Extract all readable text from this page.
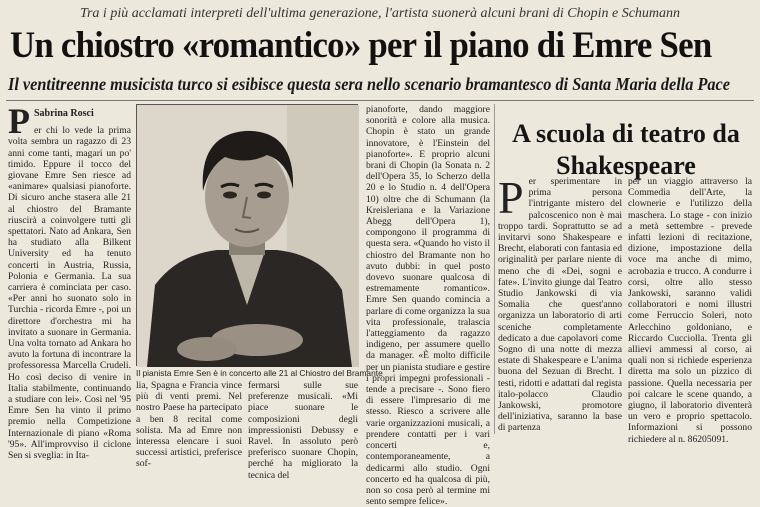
Tra i più acclamati interpreti dell'ultima generazione, l'artista suonerà alcuni brani di Chopin e Schumann
Un chiostro «romantico» per il piano di Emre Sen
Il ventitreenne musicista turco si esibisce questa sera nello scenario bramantesco di Santa Maria della Pace
P Sabrina Rosci

er chi lo vede la prima volta sembra un ragazzo di 23 anni come tanti, magari un po' timido. Eppure il tocco del giovane Emre Sen riesce ad «animare» qualsiasi pianoforte. Di sicuro anche stasera alle 21 al chiostro del Bramante riuscirà a coinvolgere tutti gli spettatori. Nato ad Ankara, Sen ha studiato alla Bilkent University ed ha tenuto concerti in Austria, Russia, Polonia e Germania. La sua carriera è cominciata per caso. «Per anni ho suonato solo in Turchia - ricorda Emre -, poi un direttore d'orchestra mi ha invitato a suonare in Germania. Una volta tornato ad Ankara ho avuto la fortuna di incontrare la professoressa Marcella Crudeli. Ho così deciso di venire in Italia stabilmente, continuando a studiare con lei». Così nel '95 Emre Sen ha vinto il primo premio nella Competizione Internazionale di piano «Roma '95». All'improvviso il ciclone Sen si sveglia: in Ita-

Il pianista Emre Sen è in concerto alle 21 al Chiostro del Bramante

lia, Spagna e Francia vince più di venti premi. Nel nostro Paese ha partecipato a ben 8 recital come solista. Ma ad Emre non interessa elencare i suoi successi artistici, preferisce sof-

fermarsi sulle sue preferenze musicali. «Mi piace suonare le composizioni degli impressionisti Debussy e Ravel. In assoluto però preferisco suonare Chopin, perché ha migliorato la tecnica del

pianoforte, dando maggiore sonorità e colore alla musica. Chopin è stato un grande innovatore, è l'Einstein del pianoforte». E proprio alcuni brani di Chopin (la Sonata n. 2 dell'Opera 35, lo Scherzo della 20 e lo Studio n. 4 dell'Opera 10) oltre che di Schumann (la Kreisleriana e la Variazione Abegg dell'Opera 1), compongono il programma di questa sera. «Quando ho visto il chiostro del Bramante non ho avuto dubbi: in quel posto dovevo suonare qualcosa di estremamente romantico». Emre Sen quando comincia a parlare di come organizza la sua vita professionale, tralascia l'atteggiamento da ragazzo indigeno, per assumere quello da manager. «È molto difficile per un pianista studiare e gestire i propri impegni professionali - tende a precisare -. Sono fiero di essere l'impresario di me stesso. Riesco a scrivere alle varie organizzazioni musicali, a prendere contatti per i vari concerti e, contemporaneamente, a dedicarmi allo studio. Ogni concerto ed ha qualcosa di più, non so cosa però al termine mi sento sempre felice».

A scuola di teatro da Shakespeare
P er sperimentare in prima persona l'intrigante mistero del palcoscenico non è mai troppo tardi. Soprattutto se ad invitarvi sono Shakespeare e Brecht, elaborati con fantasia ed originalità per parlare niente di meno che di «Dei, sogni e fate». L'invito giunge dal Teatro Studio Jankowski di via Somalia che quest'anno organizza un laboratorio di arti sceniche completamente dedicato a due capolavori come Sogno di una notte di mezza estate di Shakespeare e L'anima buona del Sezuan di Brecht. I testi, ridotti e adattati dal regista italo-polacco Claudio Jankowski, promotore dell'iniziativa, saranno la base di partenza

per un viaggio attraverso la Commedia dell'Arte, la clownerie e l'utilizzo della maschera. Lo stage - con inizio a metà settembre - prevede infatti lezioni di recitazione, dizione, impostazione della voce ma anche di mimo, acrobazia e trucco. A condurre i corsi, oltre allo stesso Jankowski, saranno validi collaboratori e nomi illustri come Ferruccio Soleri, noto Arlecchino goldoniano, e Riccardo Cucciolla. Trenta gli allievi ammessi al corso, ai quali non si richiede esperienza diretta ma solo un pizzico di passione. Quella necessaria per poi calcare le scene quando, a giugno, il laboratorio diventerà un vero e proprio spettacolo. Informazioni si possono richiedere al n. 86205091.
